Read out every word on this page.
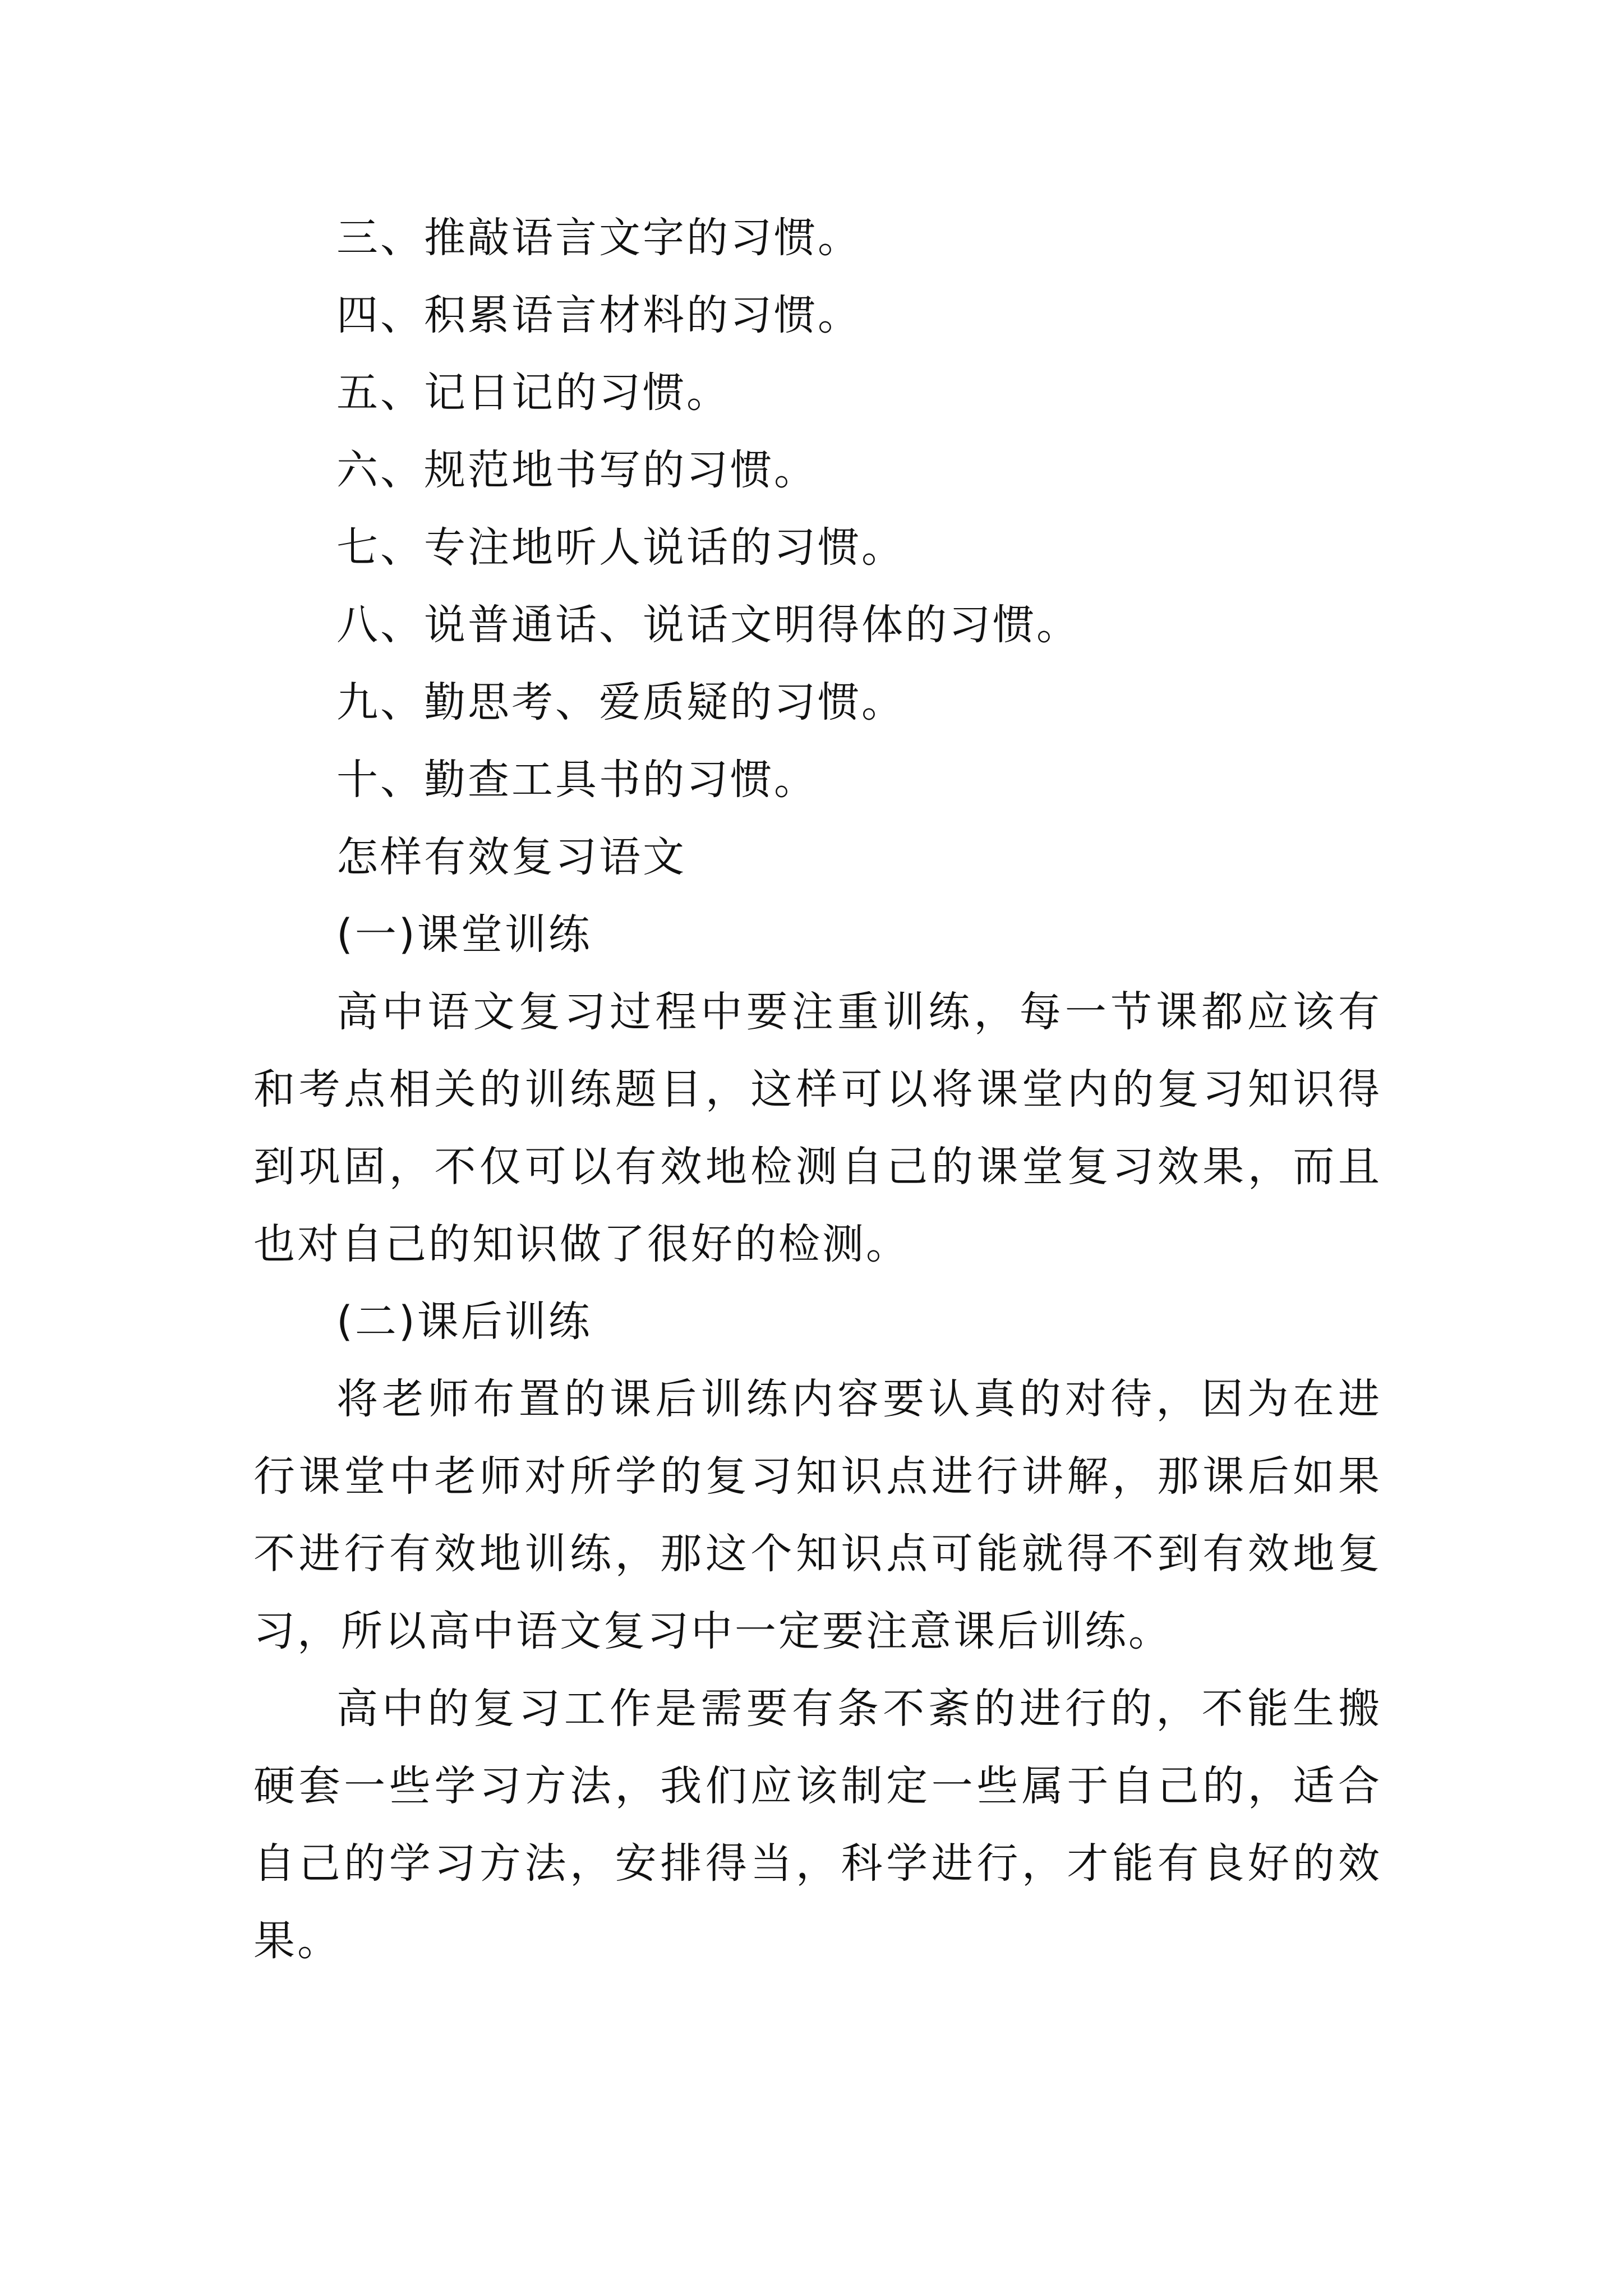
三、推敲语言文字的习惯。

四、积累语言材料的习惯。

五、记日记的习惯。

六、规范地书写的习惯。

七、专注地听人说话的习惯。

八、说普通话、说话文明得体的习惯。

九、勤思考、爱质疑的习惯。

十、勤查工具书的习惯。

怎样有效复习语文

(一)课堂训练

高中语文复习过程中要注重训练，每一节课都应该有和考点相关的训练题目，这样可以将课堂内的复习知识得到巩固，不仅可以有效地检测自己的课堂复习效果，而且也对自己的知识做了很好的检测。

(二)课后训练

将老师布置的课后训练内容要认真的对待，因为在进行课堂中老师对所学的复习知识点进行讲解，那课后如果不进行有效地训练，那这个知识点可能就得不到有效地复习，所以高中语文复习中一定要注意课后训练。

高中的复习工作是需要有条不紊的进行的，不能生搬硬套一些学习方法，我们应该制定一些属于自己的，适合自己的学习方法，安排得当，科学进行，才能有良好的效果。
